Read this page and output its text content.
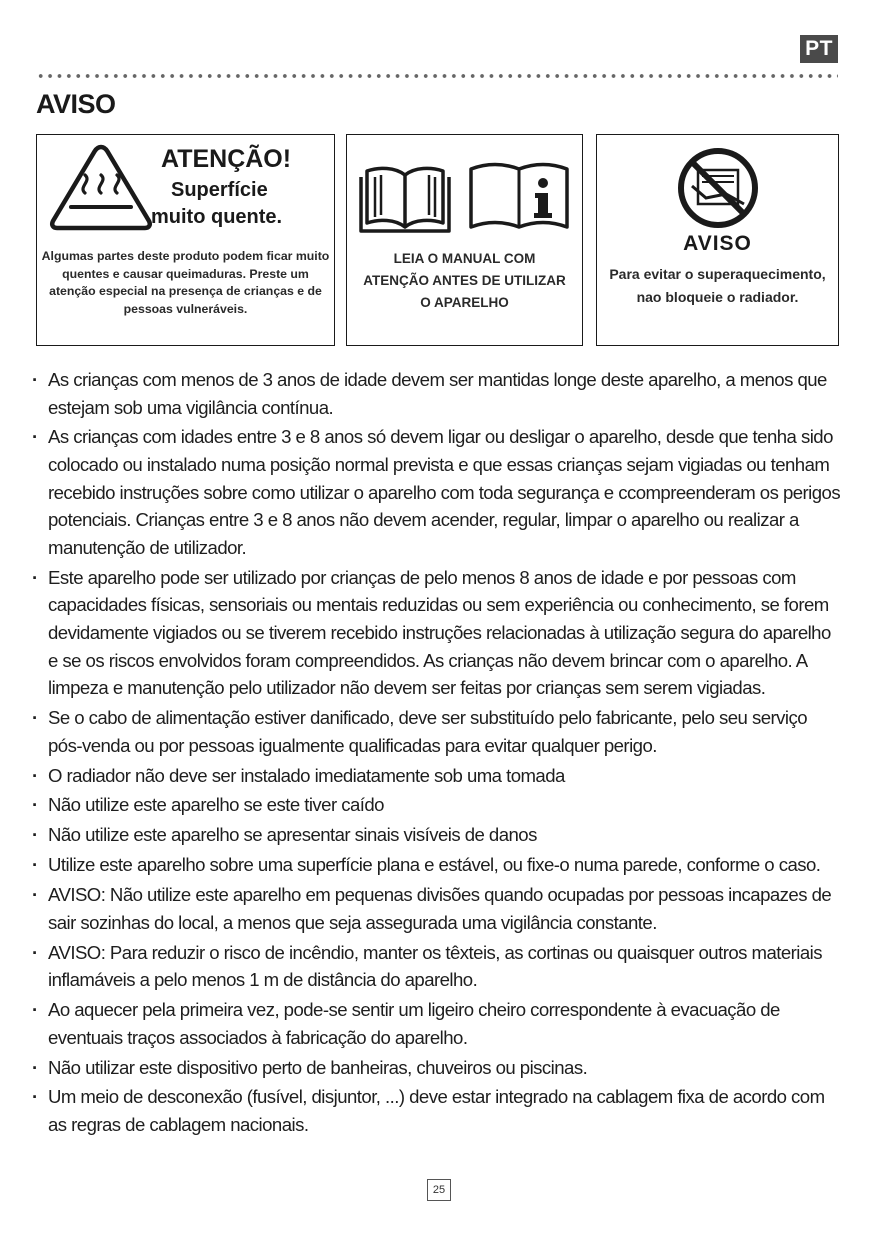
PT
AVISO
ATENÇÃO!
Superfície
muito quente.
Algumas partes deste produto podem ficar muito quentes e causar queimaduras. Preste um atenção especial na presença de crianças e de pessoas vulneráveis.
LEIA O MANUAL COM ATENÇÃO ANTES DE UTILIZAR O APARELHO
AVISO
Para evitar o superaquecimento, nao bloqueie o radiador.
· As crianças com menos de 3 anos de idade devem ser mantidas longe deste aparelho, a menos que estejam sob uma vigilância contínua.
· As crianças com idades entre 3 e 8 anos só devem ligar ou desligar o aparelho, desde que tenha sido colocado ou instalado numa posição normal prevista e que essas crianças sejam vigiadas ou tenham recebido instruções sobre como utilizar o aparelho com toda segurança e ccompreenderam os perigos potenciais. Crianças entre 3 e 8 anos não devem acender, regular, limpar o aparelho ou realizar a manutenção de utilizador.
· Este aparelho pode ser utilizado por crianças de pelo menos 8 anos de idade e por pessoas com capacidades físicas, sensoriais ou mentais reduzidas ou sem experiência ou conhecimento, se forem devidamente vigiados ou se tiverem recebido instruções relacionadas à utilização segura do aparelho e se os riscos envolvidos foram compreendidos. As crianças não devem brincar com o aparelho. A limpeza e manutenção pelo utilizador não devem ser feitas por crianças sem serem vigiadas.
· Se o cabo de alimentação estiver danificado, deve ser substituído pelo fabricante, pelo seu serviço pós-venda ou por pessoas igualmente qualificadas para evitar qualquer perigo.
· O radiador não deve ser instalado imediatamente sob uma tomada
· Não utilize este aparelho se este tiver caído
· Não utilize este aparelho se apresentar sinais visíveis de danos
· Utilize este aparelho sobre uma superfície plana e estável, ou fixe-o numa parede, conforme o caso.
· AVISO: Não utilize este aparelho em pequenas divisões quando ocupadas por pessoas incapazes de sair sozinhas do local, a menos que seja assegurada uma vigilância constante.
· AVISO: Para reduzir o risco de incêndio, manter os têxteis, as cortinas ou quaisquer outros materiais inflamáveis a pelo menos 1 m de distância do aparelho.
· Ao aquecer pela primeira vez, pode-se sentir um ligeiro cheiro correspondente à evacuação de eventuais traços associados à fabricação do aparelho.
· Não utilizar este dispositivo perto de banheiras, chuveiros ou piscinas.
· Um meio de desconexão (fusível, disjuntor, ...) deve estar integrado na cablagem fixa de acordo com as regras de cablagem nacionais.
25
